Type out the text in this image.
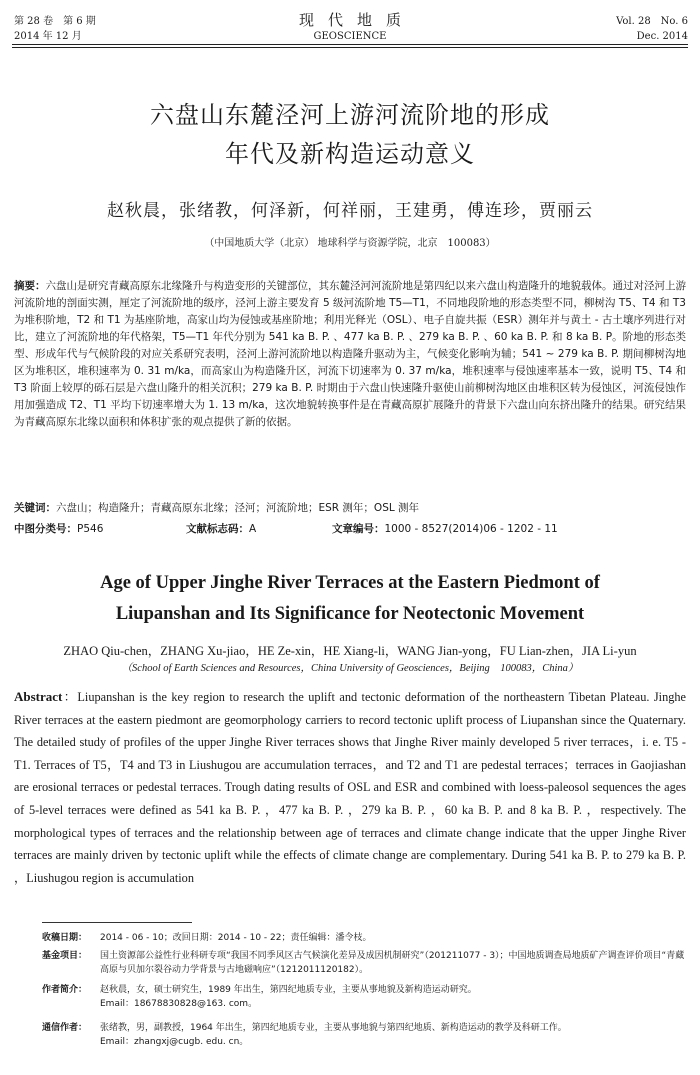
第 28 卷　第 6 期
2014 年 12 月
现代地质
GEOSCIENCE
Vol. 28　No. 6
Dec. 2014
六盘山东麓泾河上游河流阶地的形成
年代及新构造运动意义
赵秋晨，张绪教，何泽新，何祥丽，王建勇，傅连珍，贾丽云
（中国地质大学（北京） 地球科学与资源学院，北京　100083）
摘要：六盘山是研究青藏高原东北缘隆升与构造变形的关键部位，其东麓泾河河流阶地是第四纪以来六盘山构造隆升的地貌载体。通过对泾河上游河流阶地的剖面实测，厘定了河流阶地的级序，泾河上游主要发育 5 级河流阶地 T5—T1，不同地段阶地的形态类型不同，柳树沟 T5、T4 和 T3 为堆积阶地，T2 和 T1 为基座阶地，高家山均为侵蚀或基座阶地；利用光释光（OSL）、电子自旋共振（ESR）测年并与黄土 - 古土壤序列进行对比，建立了河流阶地的年代格架，T5—T1 年代分别为 541 ka B. P. 、477 ka B. P. 、279 ka B. P. 、60 ka B. P. 和 8 ka B. P。阶地的形态类型、形成年代与气候阶段的对应关系研究表明，泾河上游河流阶地以构造隆升驱动为主，气候变化影响为辅；541 ~ 279 ka B. P. 期间柳树沟地区为堆积区，堆积速率为 0. 31 m/ka，而高家山为构造隆升区，河流下切速率为 0. 37 m/ka，堆积速率与侵蚀速率基本一致，说明 T5、T4 和 T3 阶面上较厚的砾石层是六盘山隆升的相关沉积；279 ka B. P. 时期由于六盘山快速隆升驱使山前柳树沟地区由堆积区转为侵蚀区，河流侵蚀作用加强造成 T2、T1 平均下切速率增大为 1. 13 m/ka，这次地貌转换事件是在青藏高原扩展隆升的背景下六盘山向东挤出隆升的结果。研究结果为青藏高原东北缘以面积和体积扩张的观点提供了新的依据。
关键词：六盘山；构造隆升；青藏高原东北缘；泾河；河流阶地；ESR 测年；OSL 测年
中图分类号：P546	文献标志码：A	文章编号：1000 - 8527(2014)06 - 1202 - 11
Age of Upper Jinghe River Terraces at the Eastern Piedmont of
Liupanshan and Its Significance for Neotectonic Movement
ZHAO Qiu-chen，ZHANG Xu-jiao，HE Ze-xin，HE Xiang-li，WANG Jian-yong，FU Lian-zhen，JIA Li-yun
（School of Earth Sciences and Resources，China University of Geosciences，Beijing　100083，China）
Abstract：Liupanshan is the key region to research the uplift and tectonic deformation of the northeastern Tibetan Plateau. Jinghe River terraces at the eastern piedmont are geomorphology carriers to record tectonic uplift process of Liupanshan since the Quaternary. The detailed study of profiles of the upper Jinghe River terraces shows that Jinghe River mainly developed 5 river terraces，i. e. T5 - T1. Terraces of T5，T4 and T3 in Liushugou are accumulation terraces，and T2 and T1 are pedestal terraces；terraces in Gaojiashan are erosional terraces or pedestal terraces. Trough dating results of OSL and ESR and combined with loess-paleosol sequences the ages of 5-level terraces were defined as 541 ka B. P. ，477 ka B. P. ，279 ka B. P. ，60 ka B. P. and 8 ka B. P. ，respectively. The morphological types of terraces and the relationship between age of terraces and climate change indicate that the upper Jinghe River terraces are mainly driven by tectonic uplift while the effects of climate change are complementary. During 541 ka B. P. to 279 ka B. P. ，Liushugou region is accumulation
收稿日期：	2014 - 06 - 10；改回日期：2014 - 10 - 22；责任编辑：潘令枝。
基金项目：	国土资源部公益性行业科研专项“我国不同季风区古气候演化差异及成因机制研究”（201211077 - 3）；中国地质调查局地质矿产调查评价项目“青藏高原与贝加尔裂谷动力学背景与古地磁响应”（1212011120182）。
作者简介：	赵秋晨，女，硕士研究生，1989 年出生，第四纪地质专业，主要从事地貌及新构造运动研究。
Email：18678830828@163. com。
通信作者：	张绪教，男，副教授，1964 年出生，第四纪地质专业，主要从事地貌与第四纪地质、新构造运动的教学及科研工作。
Email：zhangxj@cugb. edu. cn。
